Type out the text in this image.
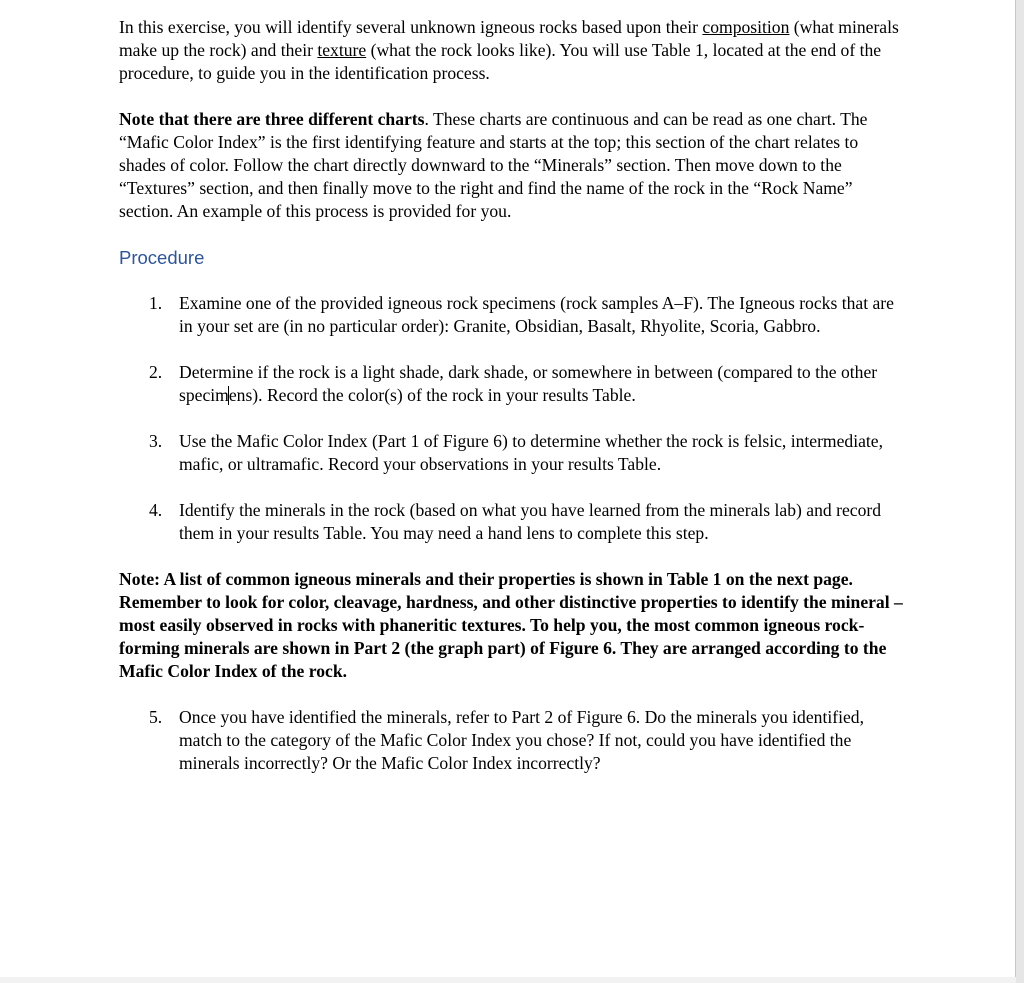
In this exercise, you will identify several unknown igneous rocks based upon their composition (what minerals make up the rock) and their texture (what the rock looks like). You will use Table 1, located at the end of the procedure, to guide you in the identification process.

Note that there are three different charts. These charts are continuous and can be read as one chart. The “Mafic Color Index” is the first identifying feature and starts at the top; this section of the chart relates to shades of color. Follow the chart directly downward to the “Minerals” section. Then move down to the “Textures” section, and then finally move to the right and find the name of the rock in the “Rock Name” section. An example of this process is provided for you.

Procedure
1. Examine one of the provided igneous rock specimens (rock samples A–F). The Igneous rocks that are in your set are (in no particular order): Granite, Obsidian, Basalt, Rhyolite, Scoria, Gabbro.
2. Determine if the rock is a light shade, dark shade, or somewhere in between (compared to the other specimens). Record the color(s) of the rock in your results Table.
3. Use the Mafic Color Index (Part 1 of Figure 6) to determine whether the rock is felsic, intermediate, mafic, or ultramafic. Record your observations in your results Table.
4. Identify the minerals in the rock (based on what you have learned from the minerals lab) and record them in your results Table. You may need a hand lens to complete this step.

Note: A list of common igneous minerals and their properties is shown in Table 1 on the next page. Remember to look for color, cleavage, hardness, and other distinctive properties to identify the mineral – most easily observed in rocks with phaneritic textures. To help you, the most common igneous rock-forming minerals are shown in Part 2 (the graph part) of Figure 6. They are arranged according to the Mafic Color Index of the rock.

5. Once you have identified the minerals, refer to Part 2 of Figure 6. Do the minerals you identified, match to the category of the Mafic Color Index you chose? If not, could you have identified the minerals incorrectly? Or the Mafic Color Index incorrectly?
